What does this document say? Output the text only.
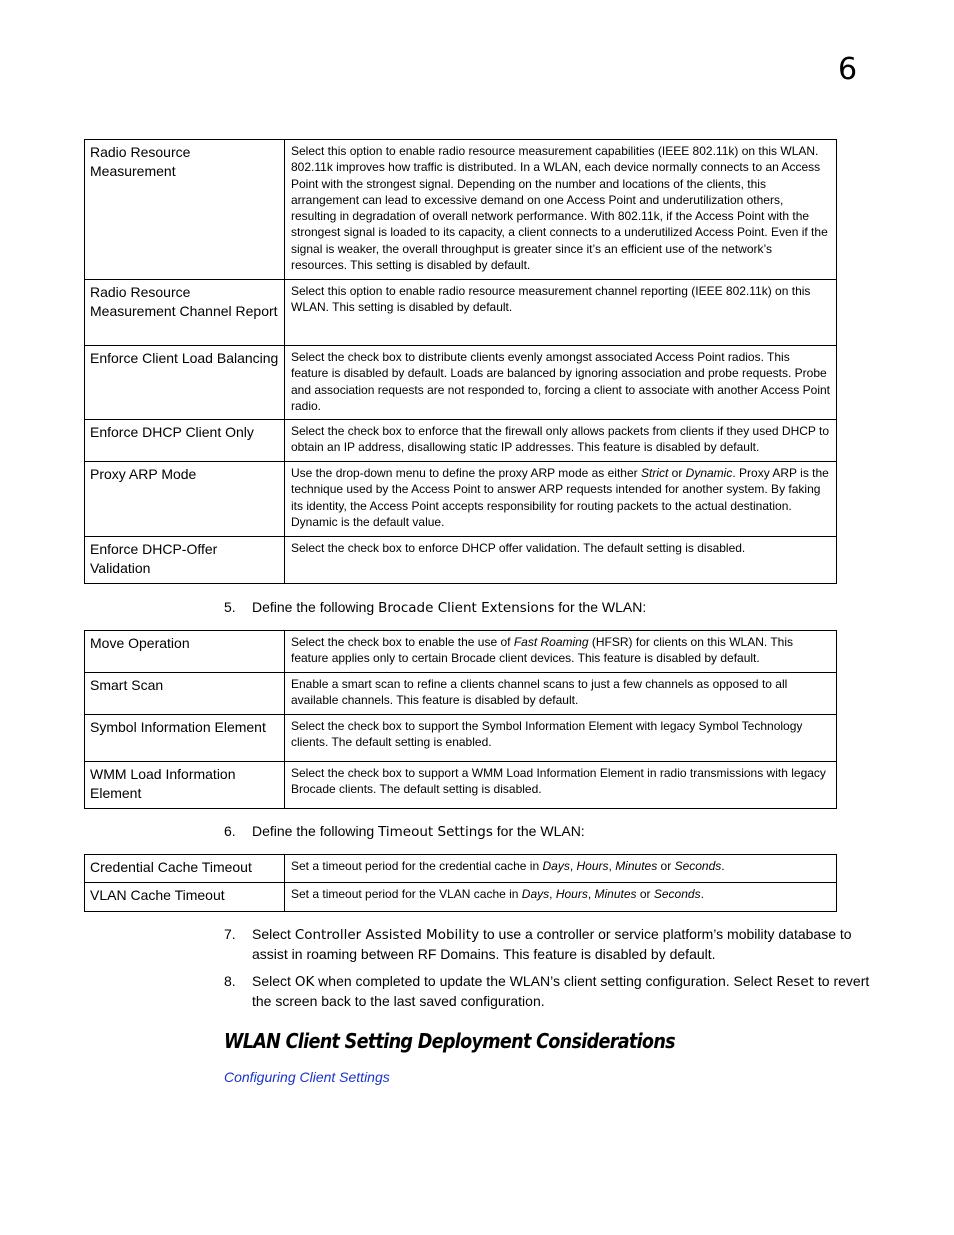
6
Radio Resource Measurement	Select this option to enable radio resource measurement capabilities (IEEE 802.11k) on this WLAN. 802.11k improves how traffic is distributed. In a WLAN, each device normally connects to an Access Point with the strongest signal. Depending on the number and locations of the clients, this arrangement can lead to excessive demand on one Access Point and underutilization others, resulting in degradation of overall network performance. With 802.11k, if the Access Point with the strongest signal is loaded to its capacity, a client connects to a underutilized Access Point. Even if the signal is weaker, the overall throughput is greater since it’s an efficient use of the network’s resources. This setting is disabled by default.
Radio Resource Measurement Channel Report	Select this option to enable radio resource measurement channel reporting (IEEE 802.11k) on this WLAN. This setting is disabled by default.
Enforce Client Load Balancing	Select the check box to distribute clients evenly amongst associated Access Point radios. This feature is disabled by default. Loads are balanced by ignoring association and probe requests. Probe and association requests are not responded to, forcing a client to associate with another Access Point radio.
Enforce DHCP Client Only	Select the check box to enforce that the firewall only allows packets from clients if they used DHCP to obtain an IP address, disallowing static IP addresses. This feature is disabled by default.
Proxy ARP Mode	Use the drop-down menu to define the proxy ARP mode as either Strict or Dynamic. Proxy ARP is the technique used by the Access Point to answer ARP requests intended for another system. By faking its identity, the Access Point accepts responsibility for routing packets to the actual destination. Dynamic is the default value.
Enforce DHCP-Offer Validation	Select the check box to enforce DHCP offer validation. The default setting is disabled.
5. Define the following Brocade Client Extensions for the WLAN:
Move Operation	Select the check box to enable the use of Fast Roaming (HFSR) for clients on this WLAN. This feature applies only to certain Brocade client devices. This feature is disabled by default.
Smart Scan	Enable a smart scan to refine a clients channel scans to just a few channels as opposed to all available channels. This feature is disabled by default.
Symbol Information Element	Select the check box to support the Symbol Information Element with legacy Symbol Technology clients. The default setting is enabled.
WMM Load Information Element	Select the check box to support a WMM Load Information Element in radio transmissions with legacy Brocade clients. The default setting is disabled.
6. Define the following Timeout Settings for the WLAN:
Credential Cache Timeout	Set a timeout period for the credential cache in Days, Hours, Minutes or Seconds.
VLAN Cache Timeout	Set a timeout period for the VLAN cache in Days, Hours, Minutes or Seconds.
7. Select Controller Assisted Mobility to use a controller or service platform’s mobility database to assist in roaming between RF Domains. This feature is disabled by default.
8. Select OK when completed to update the WLAN’s client setting configuration. Select Reset to revert the screen back to the last saved configuration.
WLAN Client Setting Deployment Considerations
Configuring Client Settings
